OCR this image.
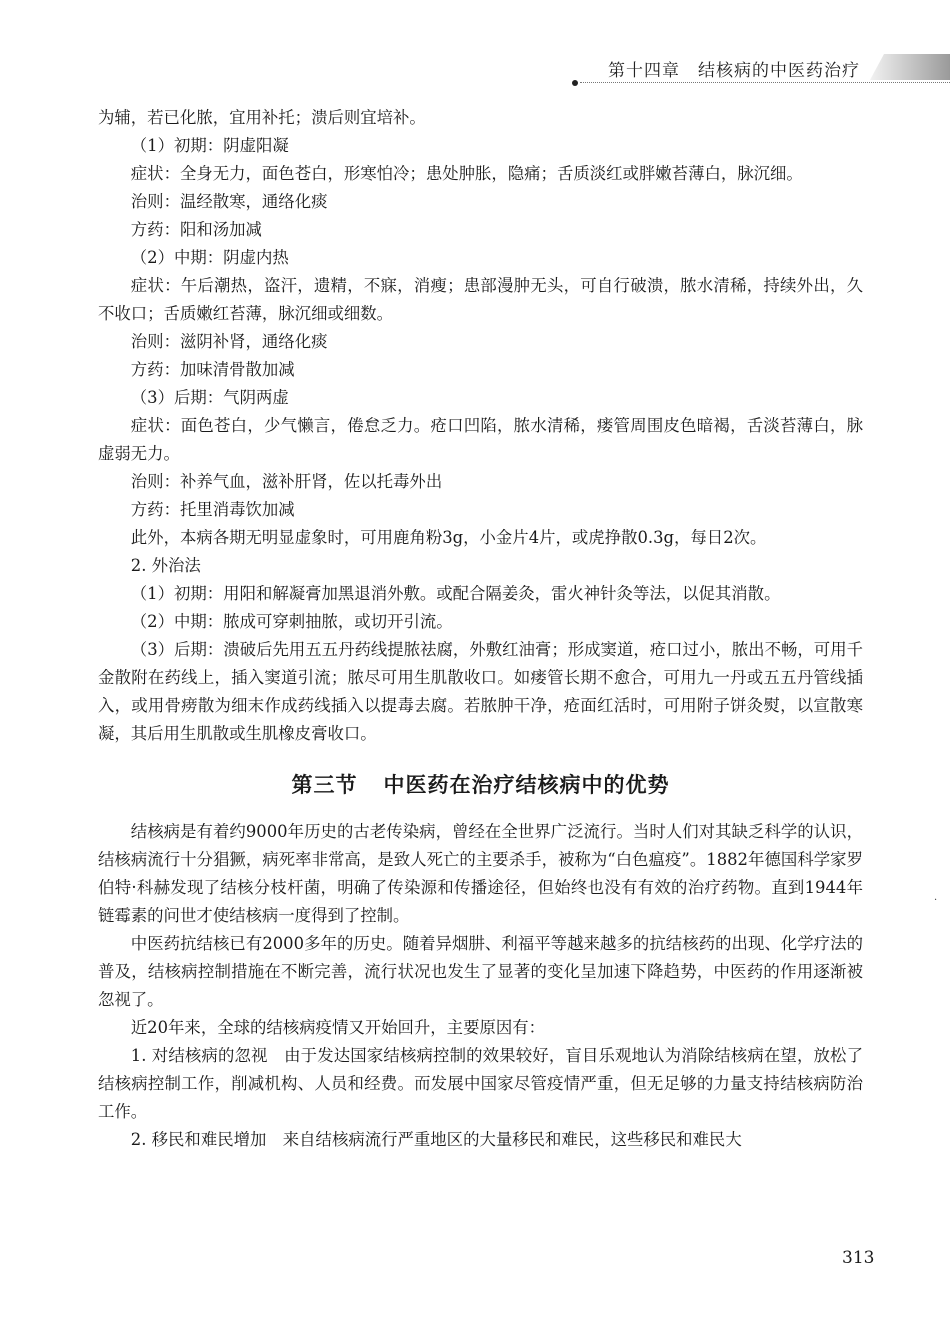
第十四章 结核病的中医药治疗

为辅，若已化脓，宜用补托；溃后则宜培补。

（1）初期：阴虚阳凝

症状：全身无力，面色苍白，形寒怕冷；患处肿胀，隐痛；舌质淡红或胖嫩苔薄白，脉沉细。

治则：温经散寒，通络化痰

方药：阳和汤加减

（2）中期：阴虚内热

症状：午后潮热，盗汗，遗精，不寐，消瘦；患部漫肿无头，可自行破溃，脓水清稀，持续外出，久不收口；舌质嫩红苔薄，脉沉细或细数。

治则：滋阴补肾，通络化痰

方药：加味清骨散加减

（3）后期：气阴两虚

症状：面色苍白，少气懒言，倦怠乏力。疮口凹陷，脓水清稀，瘘管周围皮色暗褐，舌淡苔薄白，脉虚弱无力。

治则：补养气血，滋补肝肾，佐以托毒外出

方药：托里消毒饮加减

此外，本病各期无明显虚象时，可用鹿角粉3g，小金片4片，或虎挣散0.3g，每日2次。

2. 外治法

（1）初期：用阳和解凝膏加黑退消外敷。或配合隔姜灸，雷火神针灸等法，以促其消散。

（2）中期：脓成可穿刺抽脓，或切开引流。

（3）后期：溃破后先用五五丹药线提脓祛腐，外敷红油膏；形成窦道，疮口过小，脓出不畅，可用千金散附在药线上，插入窦道引流；脓尽可用生肌散收口。如瘘管长期不愈合，可用九一丹或五五丹管线插入，或用骨痨散为细末作成药线插入以提毒去腐。若脓肿干净，疮面红活时，可用附子饼灸熨，以宣散寒凝，其后用生肌散或生肌橡皮膏收口。

第三节 中医药在治疗结核病中的优势

结核病是有着约9000年历史的古老传染病，曾经在全世界广泛流行。当时人们对其缺乏科学的认识，结核病流行十分猖獗，病死率非常高，是致人死亡的主要杀手，被称为“白色瘟疫”。1882年德国科学家罗伯特·科赫发现了结核分枝杆菌，明确了传染源和传播途径，但始终也没有有效的治疗药物。直到1944年链霉素的问世才使结核病一度得到了控制。

中医药抗结核已有2000多年的历史。随着异烟肼、利福平等越来越多的抗结核药的出现、化学疗法的普及，结核病控制措施在不断完善，流行状况也发生了显著的变化呈加速下降趋势，中医药的作用逐渐被忽视了。

近20年来，全球的结核病疫情又开始回升，主要原因有：

1. 对结核病的忽视　由于发达国家结核病控制的效果较好，盲目乐观地认为消除结核病在望，放松了结核病控制工作，削减机构、人员和经费。而发展中国家尽管疫情严重，但无足够的力量支持结核病防治工作。

2. 移民和难民增加　来自结核病流行严重地区的大量移民和难民，这些移民和难民大

·
313
